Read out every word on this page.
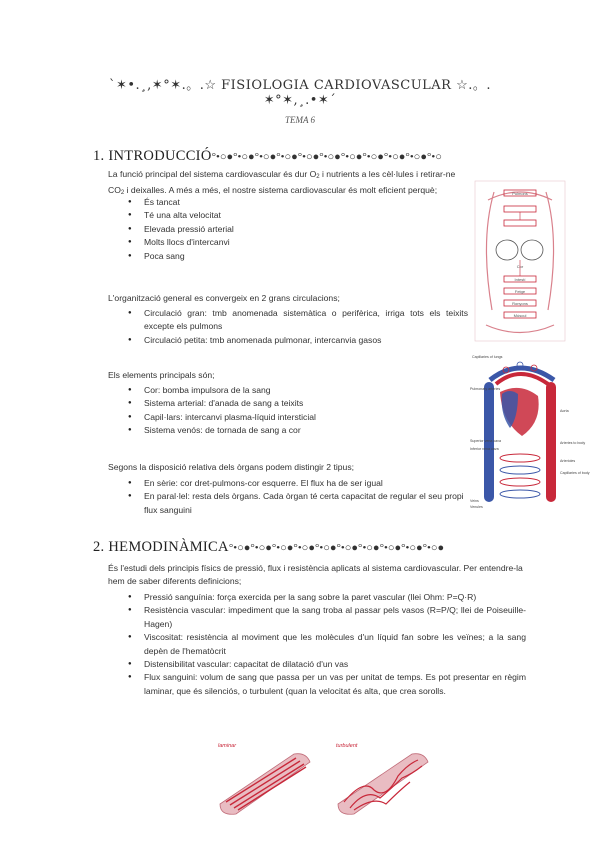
`✶•.¸,✶°✶.。.☆ FISIOLOGIA CARDIOVASCULAR ☆.。.
✶°✶,¸.•✶´
TEMA 6
1. INTRODUCCIÓ°•○●°•○●°•○●°•○●°•○●°•○●°•○●°•○●°•○●°•○●°•○
La funció principal del sistema cardiovascular és dur O2 i nutrients a les cèl·lules i retirar-ne
CO2 i deixalles. A més a més, el nostre sistema cardiovascular és molt eficient perquè;
● És tancat
● Té una alta velocitat
● Elevada pressió arterial
● Molts llocs d'intercanvi
● Poca sang
L'organització general es convergeix en 2 grans circulacions;
● Circulació gran: tmb anomenada sistemàtica o perifèrica, irriga tots els teixits excepte els pulmons
● Circulació petita: tmb anomenada pulmonar, intercanvia gasos
Els elements principals són;
● Cor: bomba impulsora de la sang
● Sistema arterial: d'anada de sang a teixits
● Capil·lars: intercanvi plasma-líquid intersticial
● Sistema venós: de tornada de sang a cor
Segons la disposició relativa dels òrgans podem distingir 2 tipus;
● En sèrie: cor dret-pulmons-cor esquerre. El flux ha de ser igual
● En paral·lel: resta dels òrgans. Cada òrgan té certa capacitat de regular el seu propi flux sanguini
Pulmons
Cor
Intestí
Fetge
Ronyons
Múscul
Capillaries of lungs
Pulmonary arteries
Aorta
Arteries to body
Superior vena cava
Inferior vena cava
Veins
Arterioles
Venules
Capillaries of body
2. HEMODINÀMICA°•○●°•○●°•○●°•○●°•○●°•○●°•○●°•○●°•○●°•○●
És l'estudi dels principis físics de pressió, flux i resistència aplicats al sistema cardiovascular. Per entendre-la
hem de saber diferents definicions;
● Pressió sanguínia: força exercida per la sang sobre la paret vascular (llei Ohm: P=Q·R)
● Resistència vascular: impediment que la sang troba al passar pels vasos (R=P/Q; llei de Poiseuille-Hagen)
● Viscositat: resistència al moviment que les molècules d'un líquid fan sobre les veïnes; a la sang depèn de l'hematòcrit
● Distensibilitat vascular: capacitat de dilatació d'un vas
● Flux sanguini: volum de sang que passa per un vas per unitat de temps. Es pot presentar en règim laminar, que és silenciós, o turbulent (quan la velocitat és alta, que crea sorolls.
laminar	turbulent
